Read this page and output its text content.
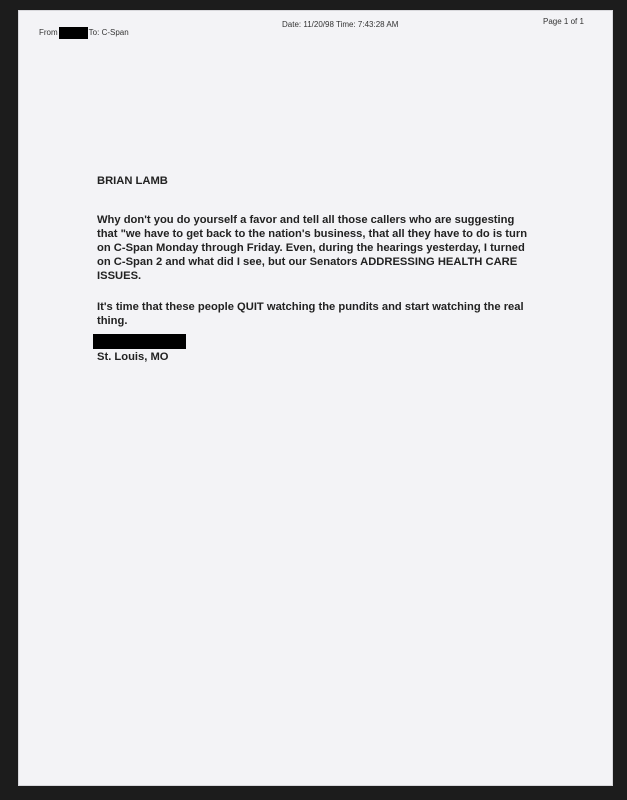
From	To: C-Span
Date: 11/20/98 Time: 7:43:28 AM	Page 1 of 1
BRIAN LAMB
Why don't you do yourself a favor and tell all those callers who are suggesting that "we have to get back to the nation's business, that all they have to do is turn on C-Span Monday through Friday. Even, during the hearings yesterday, I turned on C-Span 2 and what did I see, but our Senators ADDRESSING HEALTH CARE ISSUES.
It's time that these people QUIT watching the pundits and start watching the real thing.
St. Louis, MO
